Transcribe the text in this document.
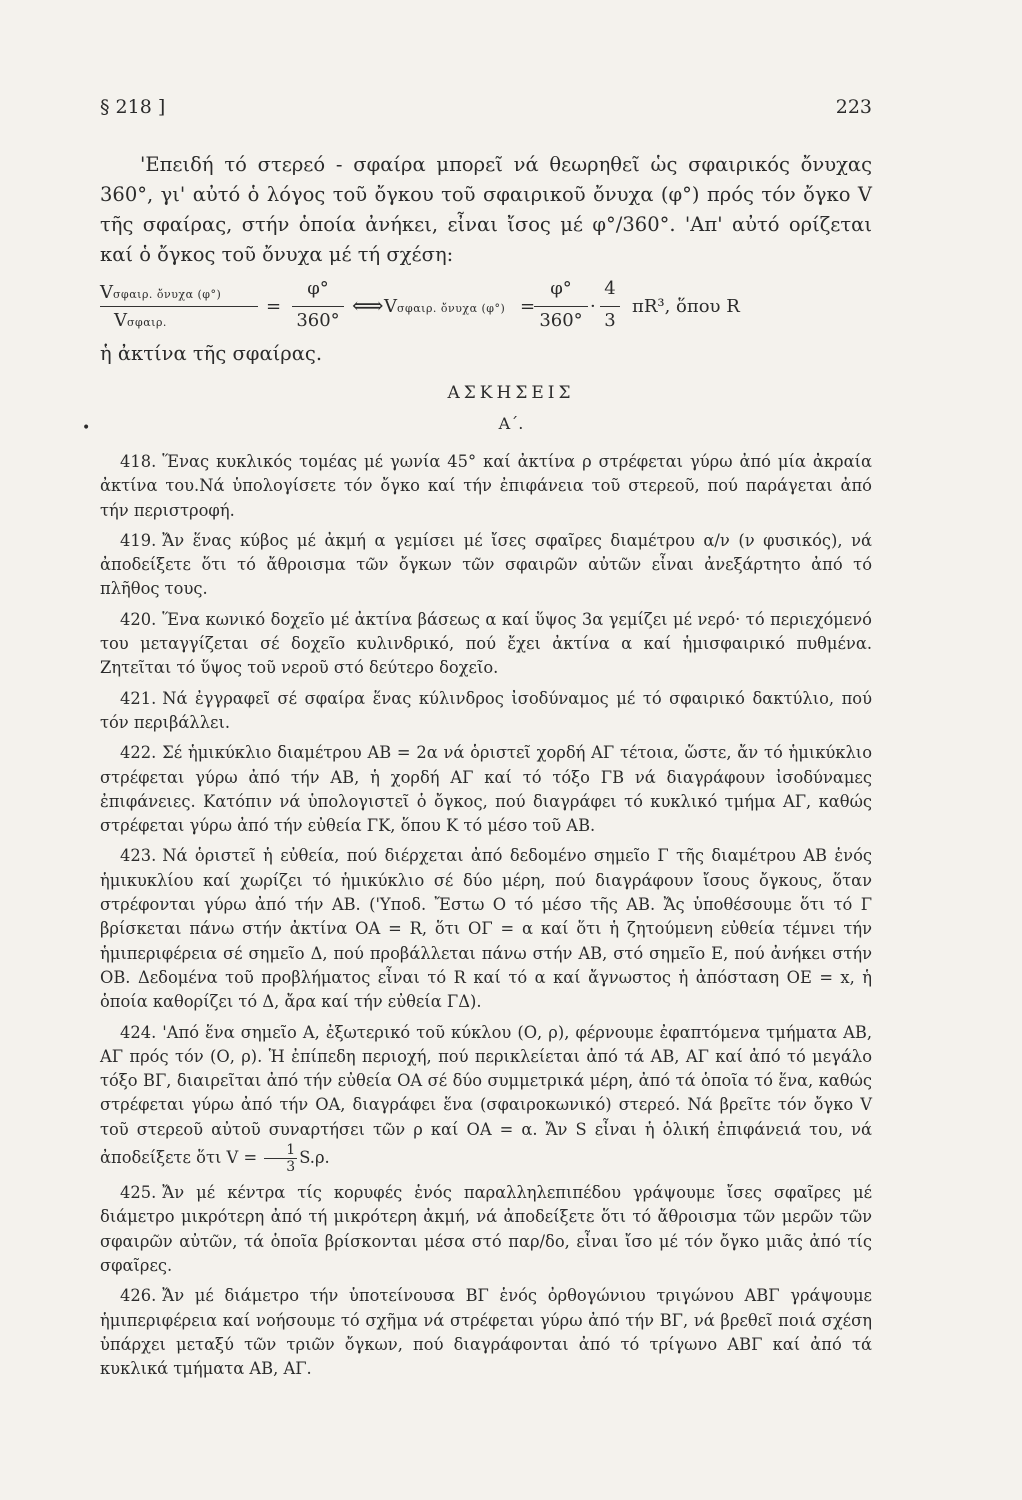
§ 218 ]	223

'Επειδή τό στερεό - σφαίρα μπορεῖ νά θεωρηθεῖ ὡς σφαιρικός ὄνυχας 360°, γι' αὐτό ὁ λόγος τοῦ ὄγκου τοῦ σφαιρικοῦ ὄνυχα (φ°) πρός τόν ὄγκο V τῆς σφαίρας, στήν ὁποία ἀνήκει, εἶναι ἴσος μέ φ°/360°. 'Απ' αὐτό ορίζεται καί ὁ ὄγκος τοῦ ὄνυχα μέ τή σχέση:

Vσφαιρ. ὄνυχα (φ°)
Vσφαιρ.
=
φ°
360°
⟺ Vσφαιρ. ὄνυχα (φ°) =
φ°
360°
·
4
3
πR³, ὅπου R
ἡ ἀκτίνα τῆς σφαίρας.
ΑΣΚΗΣΕΙΣ
•	Α΄.

418. Ἕνας κυκλικός τομέας μέ γωνία 45° καί ἀκτίνα ρ στρέφεται γύρω ἀπό μία ἀκραία ἀκτίνα του.Νά ὑπολογίσετε τόν ὄγκο καί τήν ἐπιφάνεια τοῦ στερεοῦ, πού παράγεται ἀπό τήν περιστροφή.

419. Ἄν ἕνας κύβος μέ ἀκμή α γεμίσει μέ ἴσες σφαῖρες διαμέτρου α/ν (ν φυσικός), νά ἀποδείξετε ὅτι τό ἄθροισμα τῶν ὄγκων τῶν σφαιρῶν αὐτῶν εἶναι ἀνεξάρτητο ἀπό τό πλῆθος τους.

420. Ἕνα κωνικό δοχεῖο μέ ἀκτίνα βάσεως α καί ὕψος 3α γεμίζει μέ νερό· τό περιεχόμενό του μεταγγίζεται σέ δοχεῖο κυλινδρικό, πού ἔχει ἀκτίνα α καί ἡμισφαιρικό πυθμένα. Ζητεῖται τό ὕψος τοῦ νεροῦ στό δεύτερο δοχεῖο.

421. Νά ἐγγραφεῖ σέ σφαίρα ἕνας κύλινδρος ἰσοδύναμος μέ τό σφαιρικό δακτύλιο, πού τόν περιβάλλει.

422. Σέ ἡμικύκλιο διαμέτρου ΑΒ = 2α νά ὁριστεῖ χορδή ΑΓ τέτοια, ὥστε, ἄν τό ἡμικύκλιο στρέφεται γύρω ἀπό τήν ΑΒ, ἡ χορδή ΑΓ καί τό τόξο ΓΒ νά διαγράφουν ἰσοδύναμες ἐπιφάνειες. Κατόπιν νά ὑπολογιστεῖ ὁ ὄγκος, πού διαγράφει τό κυκλικό τμήμα ΑΓ, καθώς στρέφεται γύρω ἀπό τήν εὐθεία ΓΚ, ὅπου Κ τό μέσο τοῦ ΑΒ.

423. Νά ὁριστεῖ ἡ εὐθεία, πού διέρχεται ἀπό δεδομένο σημεῖο Γ τῆς διαμέτρου ΑΒ ἑνός ἡμικυκλίου καί χωρίζει τό ἡμικύκλιο σέ δύο μέρη, πού διαγράφουν ἴσους ὄγκους, ὅταν στρέφονται γύρω ἀπό τήν ΑΒ. ('Υποδ. Ἔστω Ο τό μέσο τῆς ΑΒ. Ἄς ὑποθέσουμε ὅτι τό Γ βρίσκεται πάνω στήν ἀκτίνα ΟΑ = R, ὅτι ΟΓ = α καί ὅτι ἡ ζητούμενη εὐθεία τέμνει τήν ἡμιπεριφέρεια σέ σημεῖο Δ, πού προβάλλεται πάνω στήν ΑΒ, στό σημεῖο Ε, πού ἀνήκει στήν ΟΒ. Δεδομένα τοῦ προβλήματος εἶναι τό R καί τό α καί ἄγνωστος ἡ ἀπόσταση ΟΕ = x, ἡ ὁποία καθορίζει τό Δ, ἄρα καί τήν εὐθεία ΓΔ).

424. 'Από ἕνα σημεῖο Α, ἐξωτερικό τοῦ κύκλου (Ο, ρ), φέρνουμε ἐφαπτόμενα τμήματα ΑΒ, ΑΓ πρός τόν (Ο, ρ). Ἡ ἐπίπεδη περιοχή, πού περικλείεται ἀπό τά ΑΒ, ΑΓ καί ἀπό τό μεγάλο τόξο ΒΓ, διαιρεῖται ἀπό τήν εὐθεία ΟΑ σέ δύο συμμετρικά μέρη, ἀπό τά ὁποῖα τό ἕνα, καθώς στρέφεται γύρω ἀπό τήν ΟΑ, διαγράφει ἕνα (σφαιροκωνικό) στερεό. Νά βρεῖτε τόν ὄγκο V τοῦ στερεοῦ αὐτοῦ συναρτήσει τῶν ρ καί ΟΑ = α. Ἄν S εἶναι ἡ ὁλική ἐπιφάνειά του, νά ἀποδείξετε ὅτι $V = \frac{1}{3} S.\rho$.

425. Ἄν μέ κέντρα τίς κορυφές ἑνός παραλληλεπιπέδου γράψουμε ἴσες σφαῖρες μέ διάμετρο μικρότερη ἀπό τή μικρότερη ἀκμή, νά ἀποδείξετε ὅτι τό ἄθροισμα τῶν μερῶν τῶν σφαιρῶν αὐτῶν, τά ὁποῖα βρίσκονται μέσα στό παρ/δο, εἶναι ἴσο μέ τόν ὄγκο μιᾶς ἀπό τίς σφαῖρες.

426. Ἄν μέ διάμετρο τήν ὑποτείνουσα ΒΓ ἑνός ὀρθογώνιου τριγώνου ΑΒΓ γράψουμε ἡμιπεριφέρεια καί νοήσουμε τό σχῆμα νά στρέφεται γύρω ἀπό τήν ΒΓ, νά βρεθεῖ ποιά σχέση ὑπάρχει μεταξύ τῶν τριῶν ὄγκων, πού διαγράφονται ἀπό τό τρίγωνο ΑΒΓ καί ἀπό τά κυκλικά τμήματα ΑΒ, ΑΓ.
